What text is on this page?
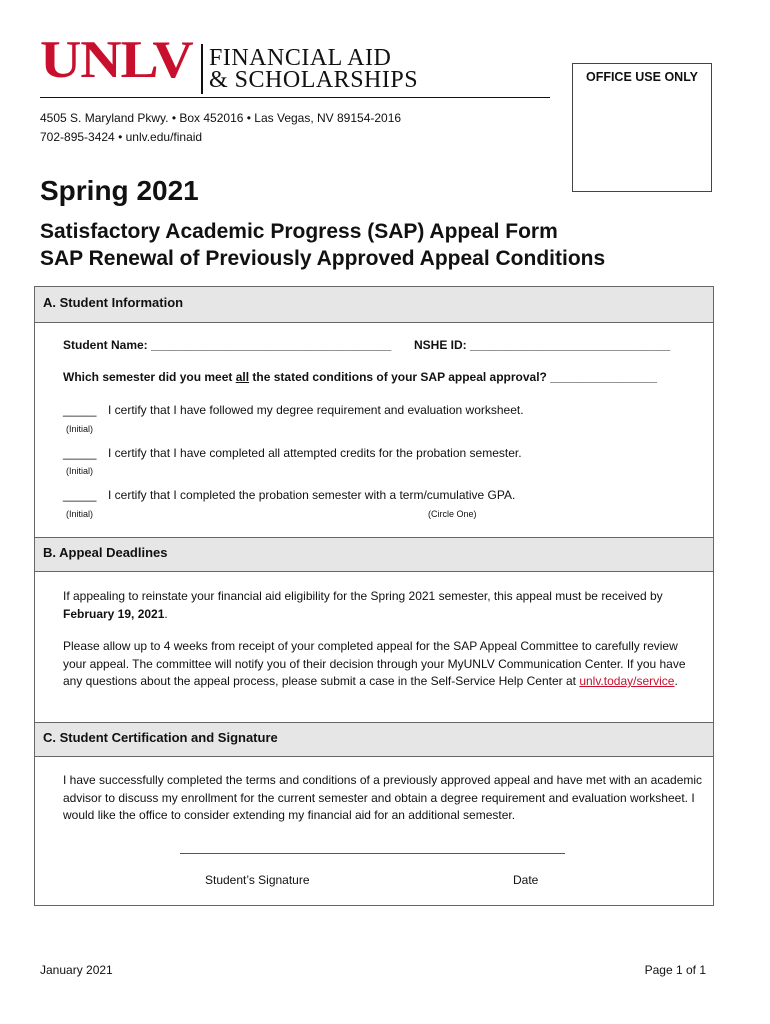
UNLV FINANCIAL AID
& SCHOLARSHIPS
4505 S. Maryland Pkwy. • Box 452016 • Las Vegas, NV 89154-2016
702-895-3424 • unlv.edu/finaid
OFFICE USE ONLY
Spring 2021
Satisfactory Academic Progress (SAP) Appeal Form
SAP Renewal of Previously Approved Appeal Conditions
A. Student Information
Student Name: ____________________________________ NSHE ID: ______________________________
Which semester did you meet all the stated conditions of your SAP appeal approval? ________________
_____ I certify that I have followed my degree requirement and evaluation worksheet.
(Initial)
_____ I certify that I have completed all attempted credits for the probation semester.
(Initial)
_____ I certify that I completed the probation semester with a term/cumulative GPA.
(Initial)	(Circle One)
B. Appeal Deadlines
If appealing to reinstate your financial aid eligibility for the Spring 2021 semester, this appeal must be received by February 19, 2021.
Please allow up to 4 weeks from receipt of your completed appeal for the SAP Appeal Committee to carefully review your appeal. The committee will notify you of their decision through your MyUNLV Communication Center. If you have any questions about the appeal process, please submit a case in the Self-Service Help Center at unlv.today/service.
C. Student Certification and Signature
I have successfully completed the terms and conditions of a previously approved appeal and have met with an academic advisor to discuss my enrollment for the current semester and obtain a degree requirement and evaluation worksheet. I would like the office to consider extending my financial aid for an additional semester.
Student’s Signature	Date
January 2021	Page 1 of 1
